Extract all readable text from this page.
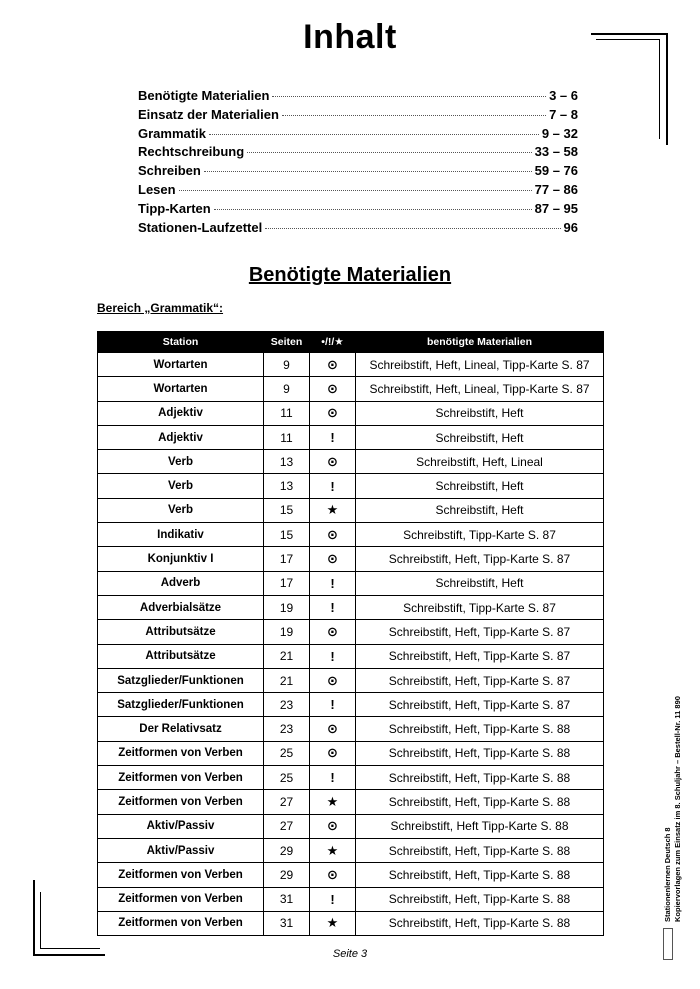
Inhalt
Benötigte Materialien	3 – 6
Einsatz der Materialien	7 – 8
Grammatik	9 – 32
Rechtschreibung	33 – 58
Schreiben	59 – 76
Lesen	77 – 86
Tipp-Karten	87 – 95
Stationen-Laufzettel	96
Benötigte Materialien
Bereich „Grammatik“:
Station	Seiten	•/!/★	benötigte Materialien
Wortarten	9	⊙	Schreibstift, Heft, Lineal, Tipp-Karte S. 87
Wortarten	9	⊙	Schreibstift, Heft, Lineal, Tipp-Karte S. 87
Adjektiv	11	⊙	Schreibstift, Heft
Adjektiv	11	!	Schreibstift, Heft
Verb	13	⊙	Schreibstift, Heft, Lineal
Verb	13	!	Schreibstift, Heft
Verb	15	★	Schreibstift, Heft
Indikativ	15	⊙	Schreibstift, Tipp-Karte S. 87
Konjunktiv I	17	⊙	Schreibstift, Heft, Tipp-Karte S. 87
Adverb	17	!	Schreibstift, Heft
Adverbialsätze	19	!	Schreibstift, Tipp-Karte S. 87
Attributsätze	19	⊙	Schreibstift, Heft, Tipp-Karte S. 87
Attributsätze	21	!	Schreibstift, Heft, Tipp-Karte S. 87
Satzglieder/Funktionen	21	⊙	Schreibstift, Heft, Tipp-Karte S. 87
Satzglieder/Funktionen	23	!	Schreibstift, Heft, Tipp-Karte S. 87
Der Relativsatz	23	⊙	Schreibstift, Heft, Tipp-Karte S. 88
Zeitformen von Verben	25	⊙	Schreibstift, Heft, Tipp-Karte S. 88
Zeitformen von Verben	25	!	Schreibstift, Heft, Tipp-Karte S. 88
Zeitformen von Verben	27	★	Schreibstift, Heft, Tipp-Karte S. 88
Aktiv/Passiv	27	⊙	Schreibstift, Heft Tipp-Karte S. 88
Aktiv/Passiv	29	★	Schreibstift, Heft, Tipp-Karte S. 88
Zeitformen von Verben	29	⊙	Schreibstift, Heft, Tipp-Karte S. 88
Zeitformen von Verben	31	!	Schreibstift, Heft, Tipp-Karte S. 88
Zeitformen von Verben	31	★	Schreibstift, Heft, Tipp-Karte S. 88
Seite 3
Stationenlernen Deutsch 8
Kopiervorlagen zum Einsatz im 8. Schuljahr – Bestell-Nr. 11 890
